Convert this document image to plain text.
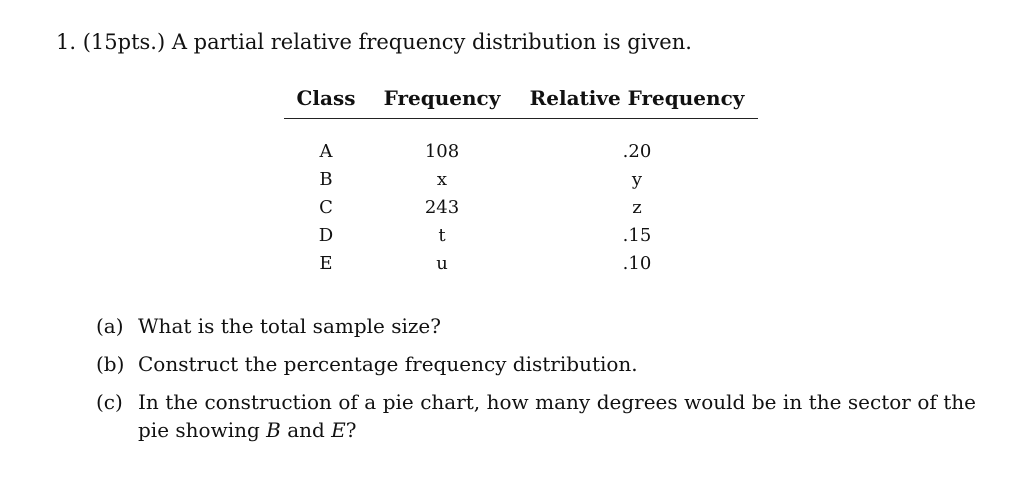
1. (15pts.) A partial relative frequency distribution is given.
Class	Frequency	Relative Frequency

A	108	.20
B	x	y
C	243	z
D	t	.15
E	u	.10
(a) What is the total sample size?
(b) Construct the percentage frequency distribution.
(c) In the construction of a pie chart, how many degrees would be in the sector of the pie showing B and E?
